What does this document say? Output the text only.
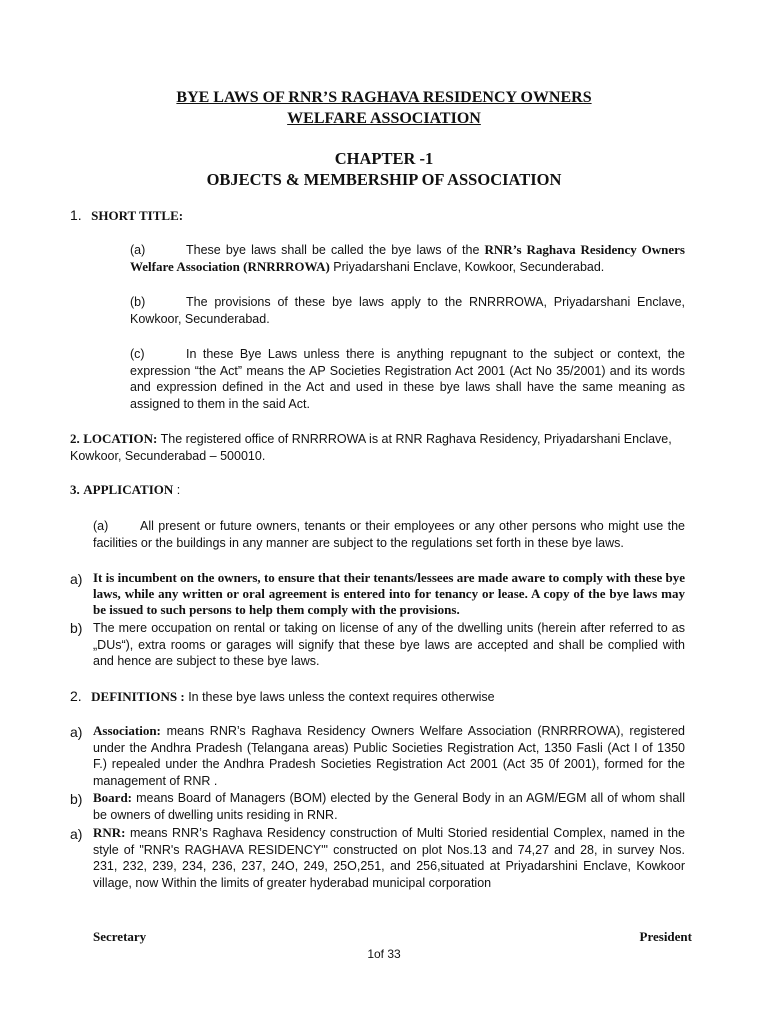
BYE LAWS OF RNR’S RAGHAVA RESIDENCY OWNERS
WELFARE ASSOCIATION
CHAPTER -1
OBJECTS & MEMBERSHIP OF ASSOCIATION
1. SHORT TITLE:
(a)	These bye laws shall be called the bye laws of the RNR’s Raghava Residency Owners Welfare Association (RNRRROWA) Priyadarshani Enclave, Kowkoor, Secunderabad.
(b)	The provisions of these bye laws apply to the RNRRROWA, Priyadarshani Enclave, Kowkoor, Secunderabad.
(c)	In these Bye Laws unless there is anything repugnant to the subject or context, the expression “the Act” means the AP Societies Registration Act 2001 (Act No 35/2001) and its words and expression defined in the Act and used in these bye laws shall have the same meaning as assigned to them in the said Act.
2. LOCATION: The registered office of RNRRROWA is at RNR Raghava Residency, Priyadarshani Enclave, Kowkoor, Secunderabad – 500010.
3. APPLICATION :
(a)	All present or future owners, tenants or their employees or any other persons who might use the facilities or the buildings in any manner are subject to the regulations set forth in these bye laws.
a) It is incumbent on the owners, to ensure that their tenants/lessees are made aware to comply with these bye laws, while any written or oral agreement is entered into for tenancy or lease. A copy of the bye laws may be issued to such persons to help them comply with the provisions.
b) The mere occupation on rental or taking on license of any of the dwelling units (herein after referred to as „DUs“), extra rooms or garages will signify that these bye laws are accepted and shall be complied with and hence are subject to these bye laws.
2. DEFINITIONS : In these bye laws unless the context requires otherwise
a) Association: means RNR’s Raghava Residency Owners Welfare Association (RNRRROWA), registered under the Andhra Pradesh (Telangana areas) Public Societies Registration Act, 1350 Fasli (Act I of 1350 F.) repealed under the Andhra Pradesh Societies Registration Act 2001 (Act 35 0f 2001), formed for the management of RNR .
b) Board: means Board of Managers (BOM) elected by the General Body in an AGM/EGM all of whom shall be owners of dwelling units residing in RNR.
a) RNR: means RNR’s Raghava Residency construction of Multi Storied residential Complex, named in the style of "RNR's RAGHAVA RESIDENCY"' constructed on plot Nos.13 and 74,27 and 28, in survey Nos. 231, 232, 239, 234, 236, 237, 24O, 249, 25O,251, and 256,situated at Priyadarshini Enclave, Kowkoor village, now Within the limits of greater hyderabad municipal corporation
Secretary	President
1of 33
